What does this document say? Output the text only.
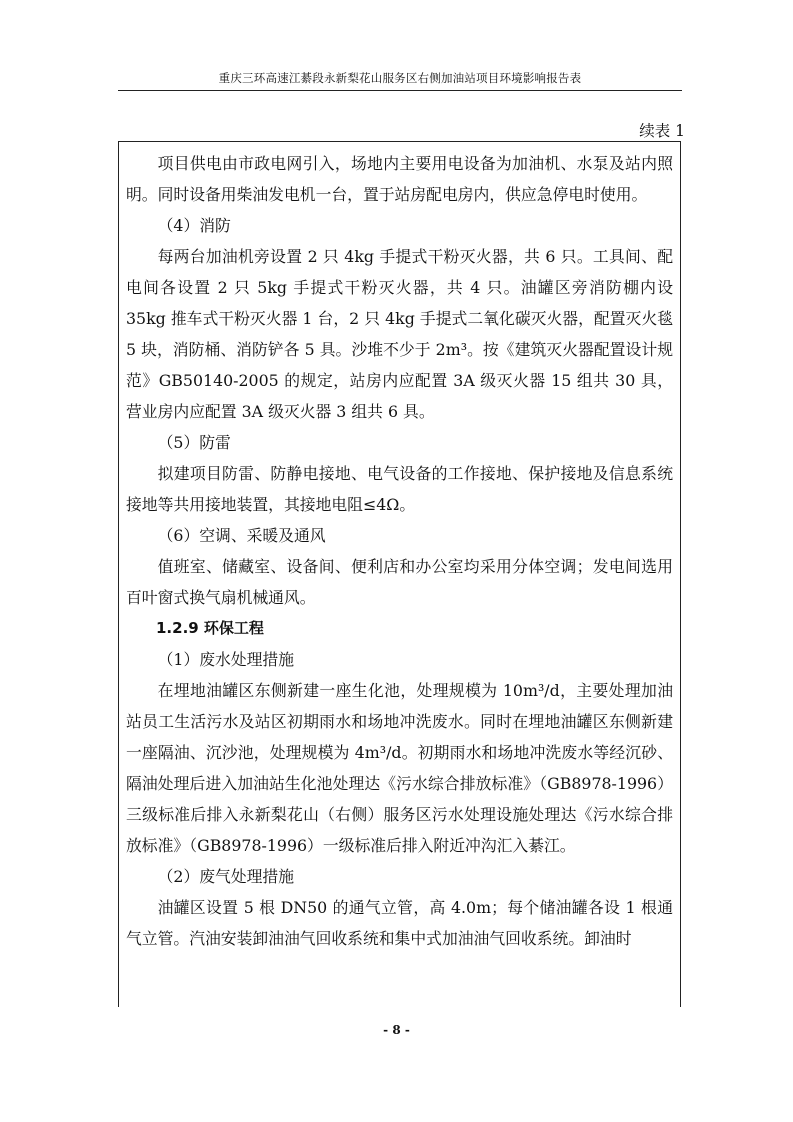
重庆三环高速江綦段永新梨花山服务区右侧加油站项目环境影响报告表
续表 1

项目供电由市政电网引入，场地内主要用电设备为加油机、水泵及站内照明。同时设备用柴油发电机一台，置于站房配电房内，供应急停电时使用。

（4）消防

每两台加油机旁设置 2 只 4kg 手提式干粉灭火器，共 6 只。工具间、配电间各设置 2 只 5kg 手提式干粉灭火器，共 4 只。油罐区旁消防棚内设 35kg 推车式干粉灭火器 1 台，2 只 4kg 手提式二氧化碳灭火器，配置灭火毯 5 块，消防桶、消防铲各 5 具。沙堆不少于 2m³。按《建筑灭火器配置设计规范》GB50140-2005 的规定，站房内应配置 3A 级灭火器 15 组共 30 具，营业房内应配置 3A 级灭火器 3 组共 6 具。

（5）防雷

拟建项目防雷、防静电接地、电气设备的工作接地、保护接地及信息系统接地等共用接地装置，其接地电阻≤4Ω。

（6）空调、采暖及通风

值班室、储藏室、设备间、便利店和办公室均采用分体空调；发电间选用百叶窗式换气扇机械通风。

1.2.9 环保工程

（1）废水处理措施

在埋地油罐区东侧新建一座生化池，处理规模为 10m³/d，主要处理加油站员工生活污水及站区初期雨水和场地冲洗废水。同时在埋地油罐区东侧新建一座隔油、沉沙池，处理规模为 4m³/d。初期雨水和场地冲洗废水等经沉砂、隔油处理后进入加油站生化池处理达《污水综合排放标准》（GB8978-1996）三级标准后排入永新梨花山（右侧）服务区污水处理设施处理达《污水综合排放标准》（GB8978-1996）一级标准后排入附近冲沟汇入綦江。

（2）废气处理措施

油罐区设置 5 根 DN50 的通气立管，高 4.0m；每个储油罐各设 1 根通气立管。汽油安装卸油油气回收系统和集中式加油油气回收系统。卸油时

- 8 -
